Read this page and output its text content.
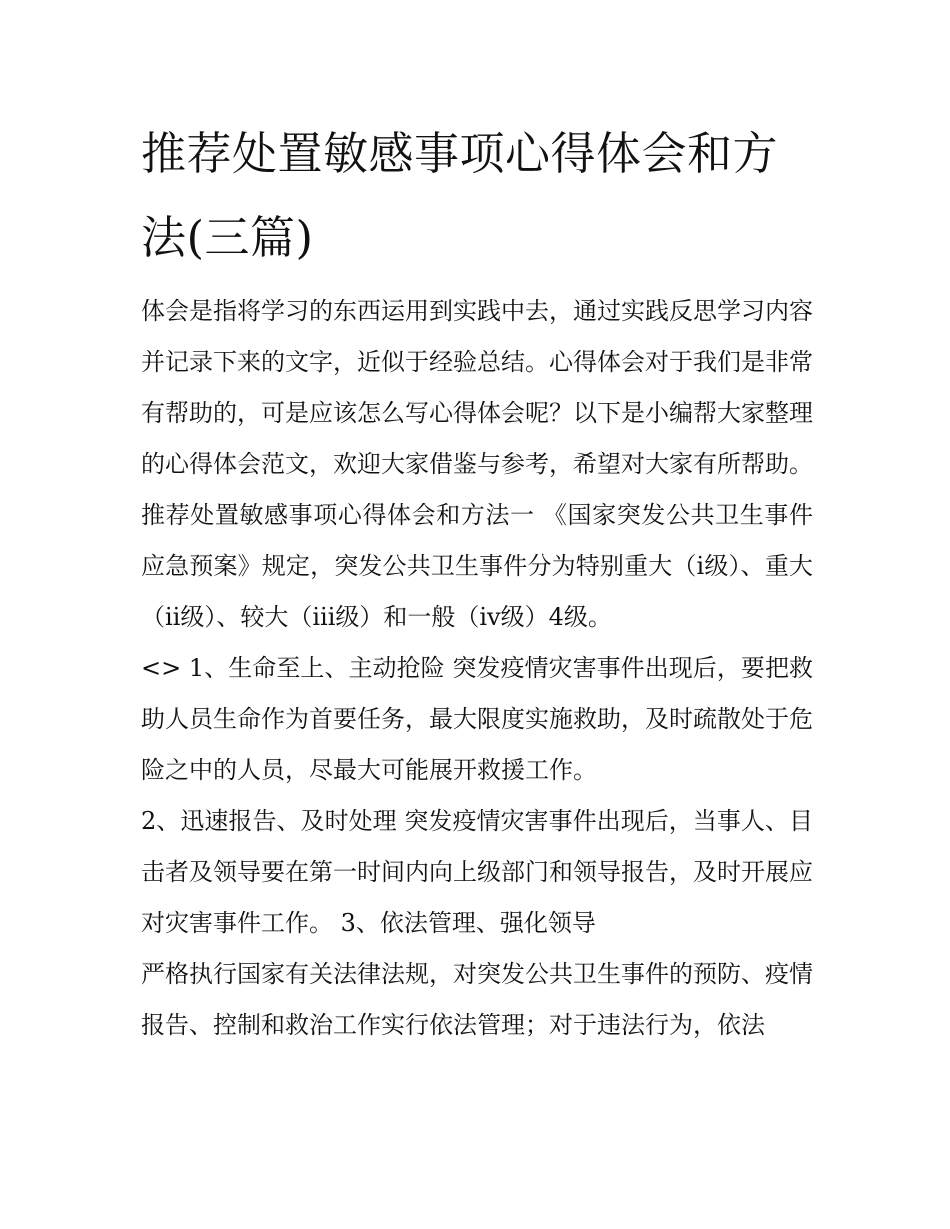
推荐处置敏感事项心得体会和方法(三篇)

体会是指将学习的东西运用到实践中去，通过实践反思学习内容并记录下来的文字，近似于经验总结。心得体会对于我们是非常有帮助的，可是应该怎么写心得体会呢？以下是小编帮大家整理的心得体会范文，欢迎大家借鉴与参考，希望对大家有所帮助。

推荐处置敏感事项心得体会和方法一 《国家突发公共卫生事件应急预案》规定，突发公共卫生事件分为特别重大（ⅰ级）、重大（ⅱ级）、较大（ⅲ级）和一般（ⅳ级）4级。

<> 1、生命至上、主动抢险 突发疫情灾害事件出现后，要把救助人员生命作为首要任务，最大限度实施救助，及时疏散处于危险之中的人员，尽最大可能展开救援工作。

2、迅速报告、及时处理 突发疫情灾害事件出现后，当事人、目击者及领导要在第一时间内向上级部门和领导报告，及时开展应对灾害事件工作。 3、依法管理、强化领导

严格执行国家有关法律法规，对突发公共卫生事件的预防、疫情报告、控制和救治工作实行依法管理；对于违法行为，依法
